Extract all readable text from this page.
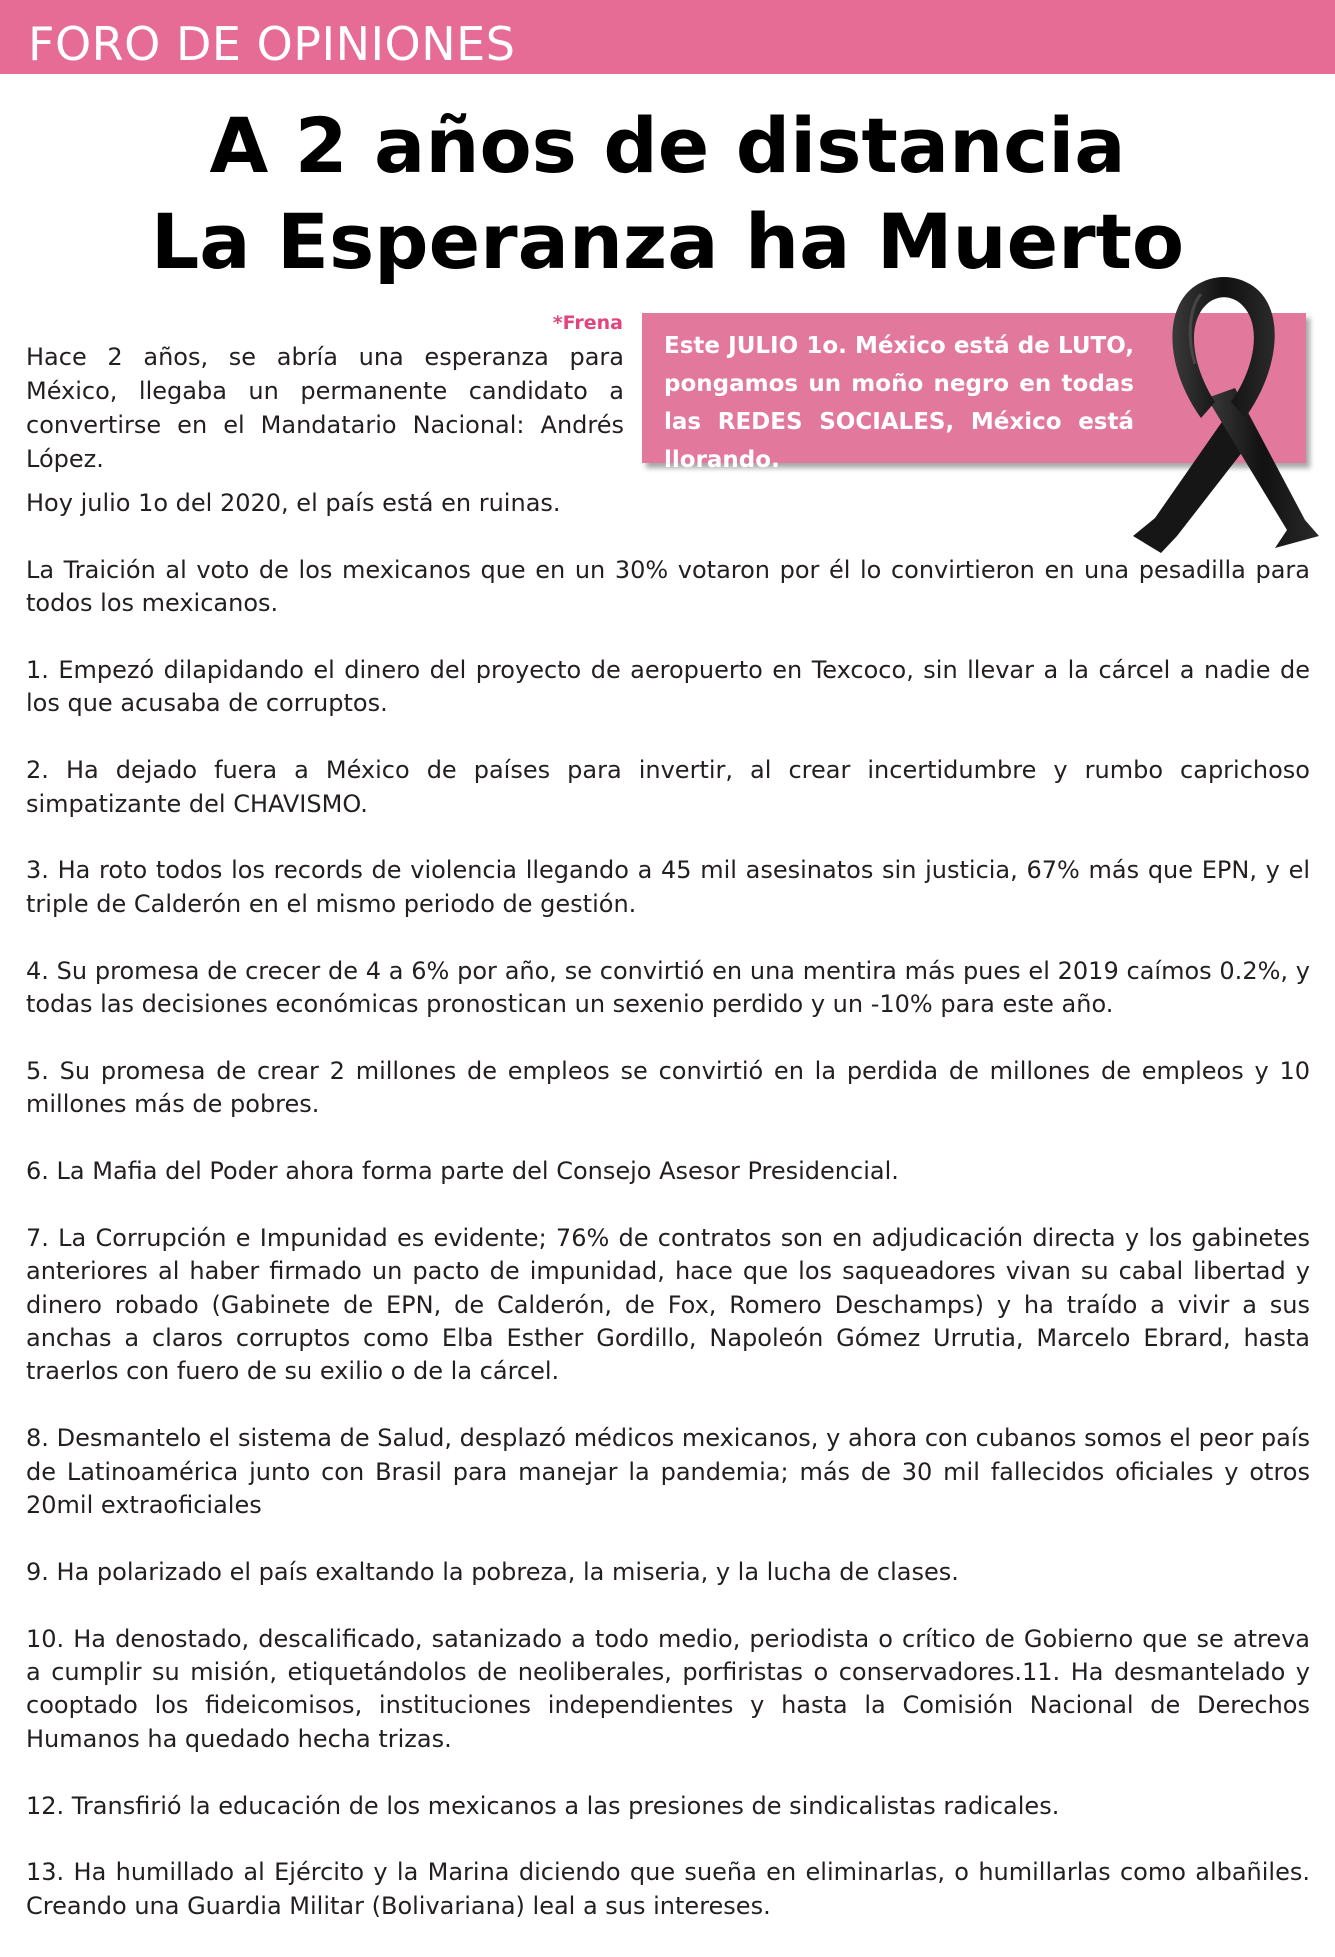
FORO DE OPINIONES
A 2 años de distancia
La Esperanza ha Muerto
*Frena

Hace 2 años, se abría una esperanza para México, llegaba un permanente candidato a convertirse en el Mandatario Nacional: Andrés López.

Este JULIO 1o. México está de LUTO, pongamos un moño negro en todas las REDES SOCIALES, México está llorando.

Hoy julio 1o del 2020, el país está en ruinas.

La Traición al voto de los mexicanos que en un 30% votaron por él lo convirtieron en una pesadilla para todos los mexicanos.

1. Empezó dilapidando el dinero del proyecto de aeropuerto en Texcoco, sin llevar a la cárcel a nadie de los que acusaba de corruptos.

2. Ha dejado fuera a México de países para invertir, al crear incertidumbre y rumbo caprichoso simpatizante del CHAVISMO.

3. Ha roto todos los records de violencia llegando a 45 mil asesinatos sin justicia, 67% más que EPN, y el triple de Calderón en el mismo periodo de gestión.

4. Su promesa de crecer de 4 a 6% por año, se convirtió en una mentira más pues el 2019 caímos 0.2%, y todas las decisiones económicas pronostican un sexenio perdido y un -10% para este año.

5. Su promesa de crear 2 millones de empleos se convirtió en la perdida de millones de empleos y 10 millones más de pobres.

6. La Mafia del Poder ahora forma parte del Consejo Asesor Presidencial.

7. La Corrupción e Impunidad es evidente; 76% de contratos son en adjudicación directa y los gabinetes anteriores al haber firmado un pacto de impunidad, hace que los saqueadores vivan su cabal libertad y dinero robado (Gabinete de EPN, de Calderón, de Fox, Romero Deschamps) y ha traído a vivir a sus anchas a claros corruptos como Elba Esther Gordillo, Napoleón Gómez Urrutia, Marcelo Ebrard, hasta traerlos con fuero de su exilio o de la cárcel.

8. Desmantelo el sistema de Salud, desplazó médicos mexicanos, y ahora con cubanos somos el peor país de Latinoamérica junto con Brasil para manejar la pandemia; más de 30 mil fallecidos oficiales y otros 20mil extraoficiales

9. Ha polarizado el país exaltando la pobreza, la miseria, y la lucha de clases.

10. Ha denostado, descalificado, satanizado a todo medio, periodista o crítico de Gobierno que se atreva a cumplir su misión, etiquetándolos de neoliberales, porfiristas o conservadores.11. Ha desmantelado y cooptado los fideicomisos, instituciones independientes y hasta la Comisión Nacional de Derechos Humanos ha quedado hecha trizas.

12. Transfirió la educación de los mexicanos a las presiones de sindicalistas radicales.

13. Ha humillado al Ejército y la Marina diciendo que sueña en eliminarlas, o humillarlas como albañiles. Creando una Guardia Militar (Bolivariana) leal a sus intereses.
